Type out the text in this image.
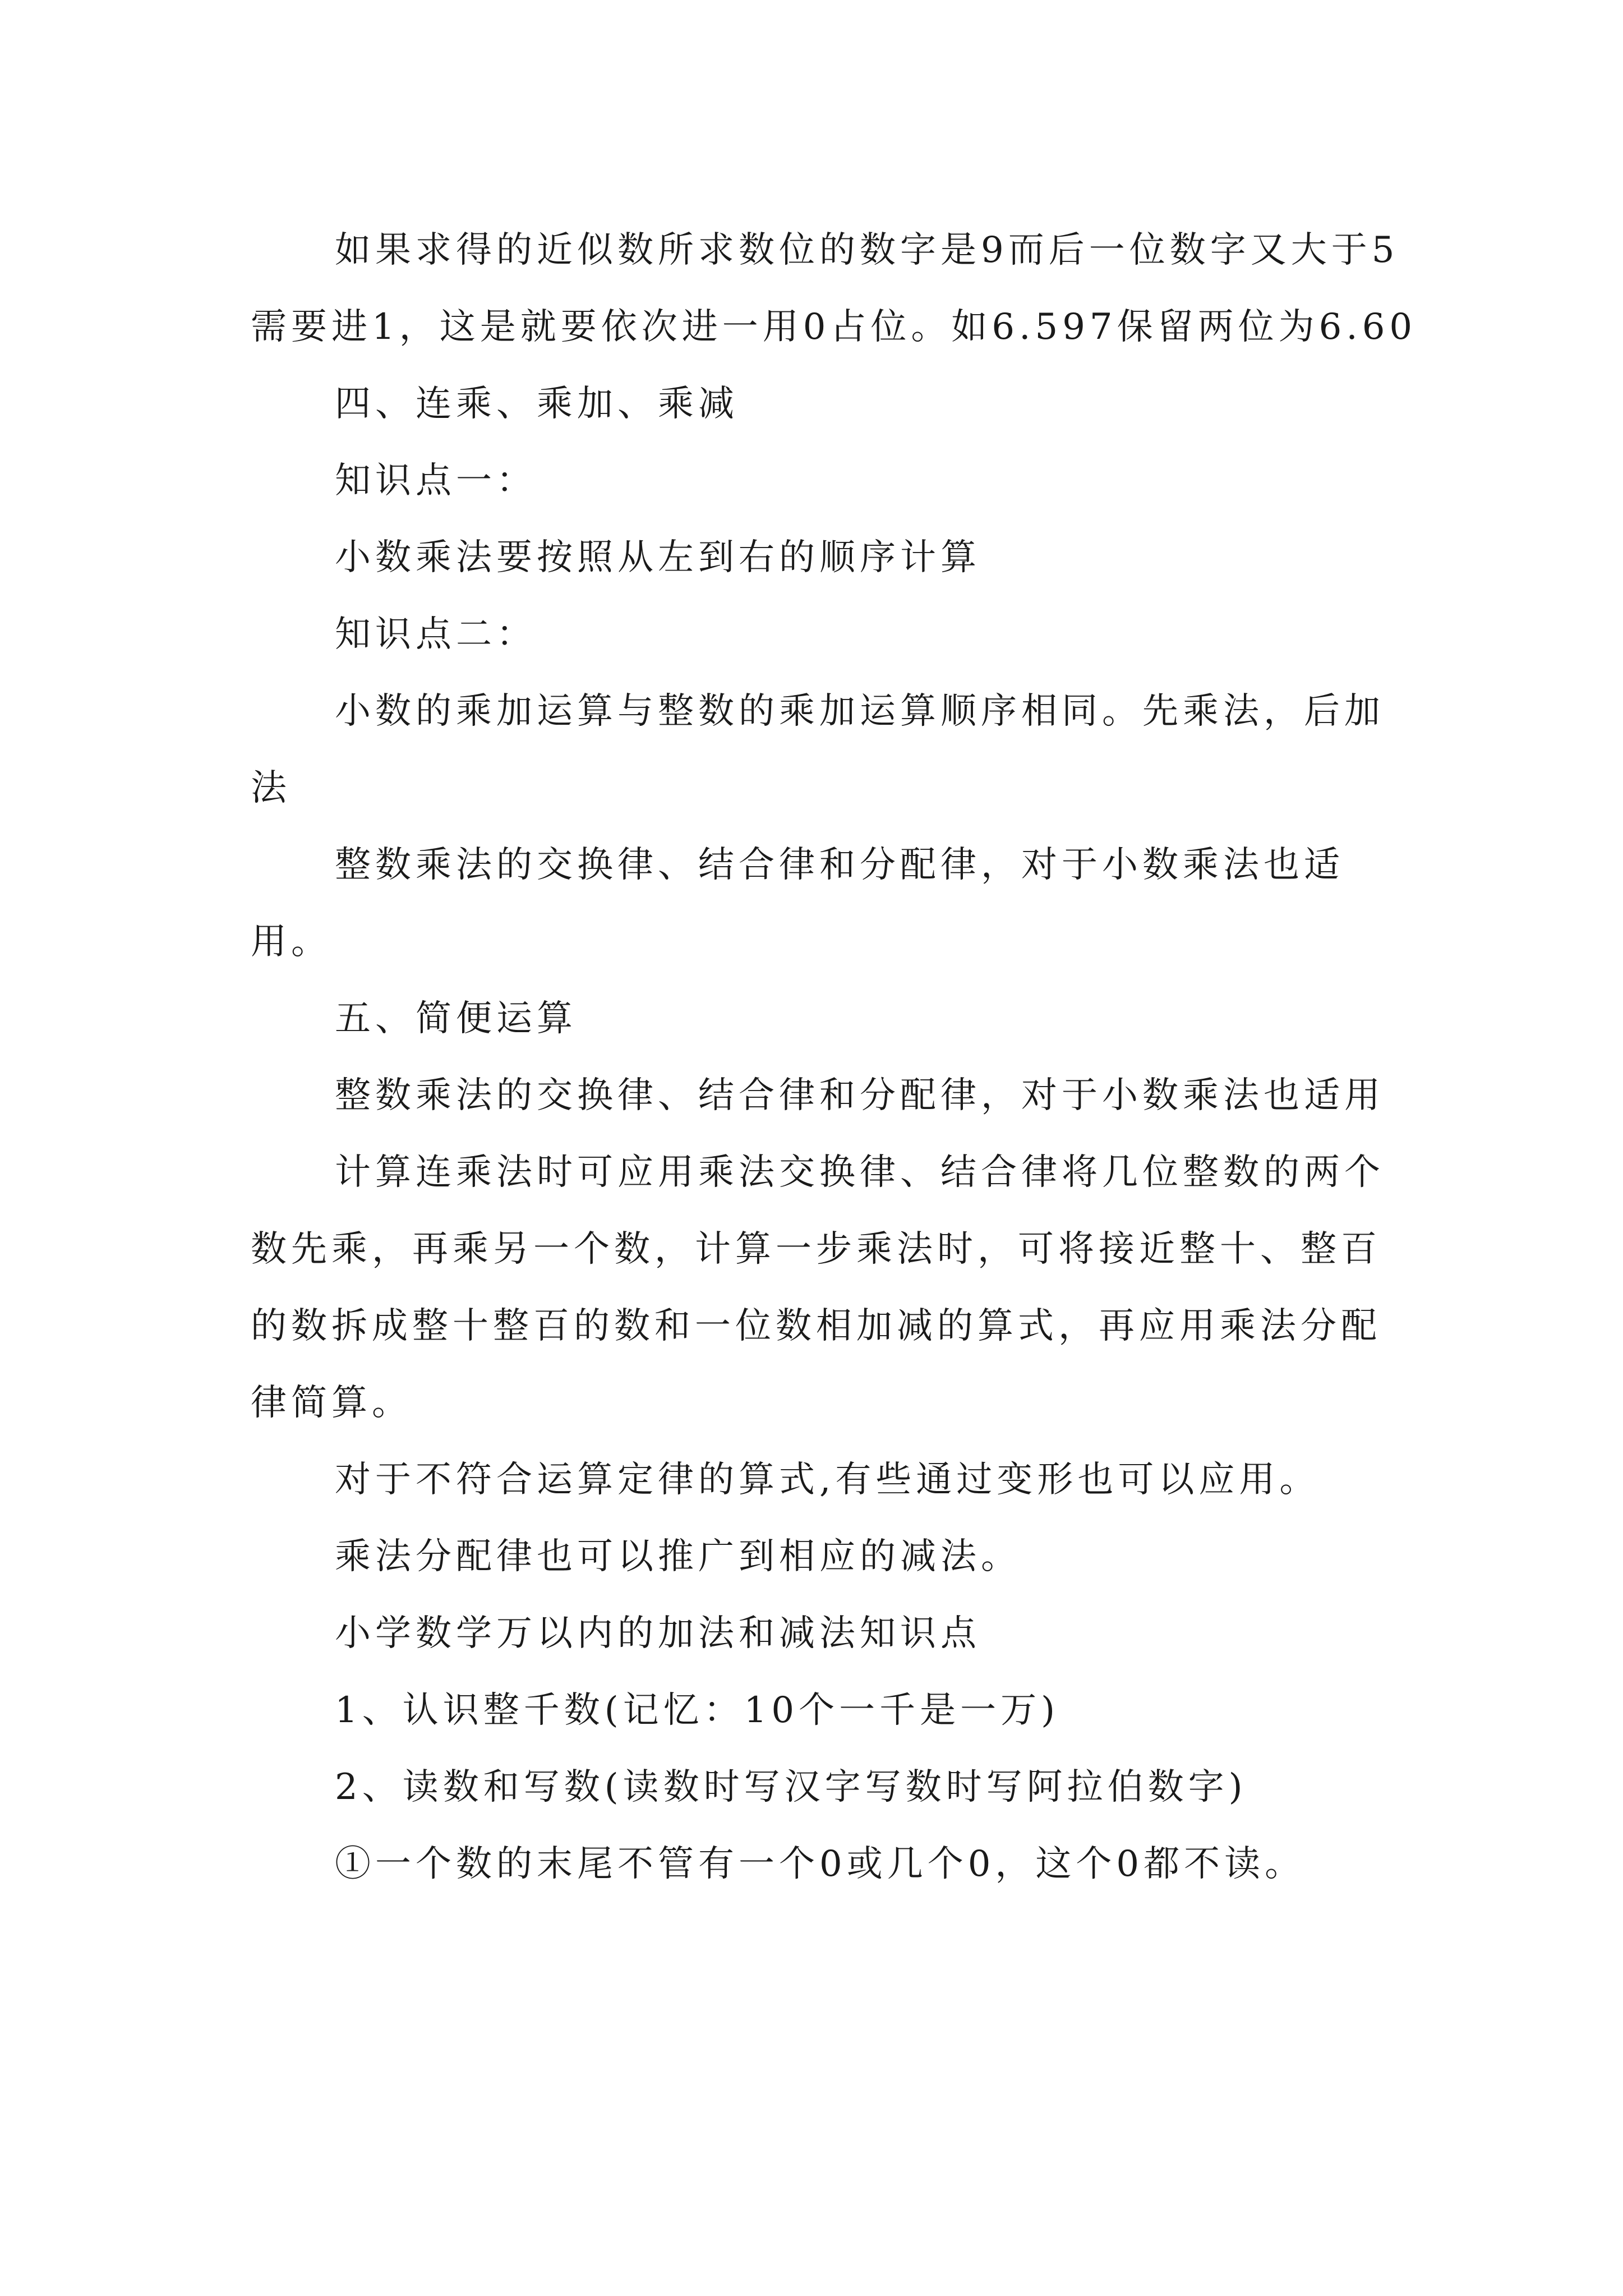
如果求得的近似数所求数位的数字是9而后一位数字又大于5需要进1，这是就要依次进一用0占位。如6.597保留两位为6.60

四、连乘、乘加、乘减

知识点一：

小数乘法要按照从左到右的顺序计算

知识点二：

小数的乘加运算与整数的乘加运算顺序相同。先乘法，后加法

整数乘法的交换律、结合律和分配律，对于小数乘法也适用。

五、简便运算

整数乘法的交换律、结合律和分配律，对于小数乘法也适用

计算连乘法时可应用乘法交换律、结合律将几位整数的两个数先乘，再乘另一个数，计算一步乘法时，可将接近整十、整百的数拆成整十整百的数和一位数相加减的算式，再应用乘法分配律简算。

对于不符合运算定律的算式,有些通过变形也可以应用。

乘法分配律也可以推广到相应的减法。

小学数学万以内的加法和减法知识点

1、认识整千数(记忆：10个一千是一万)

2、读数和写数(读数时写汉字写数时写阿拉伯数字)

①一个数的末尾不管有一个0或几个0，这个0都不读。
